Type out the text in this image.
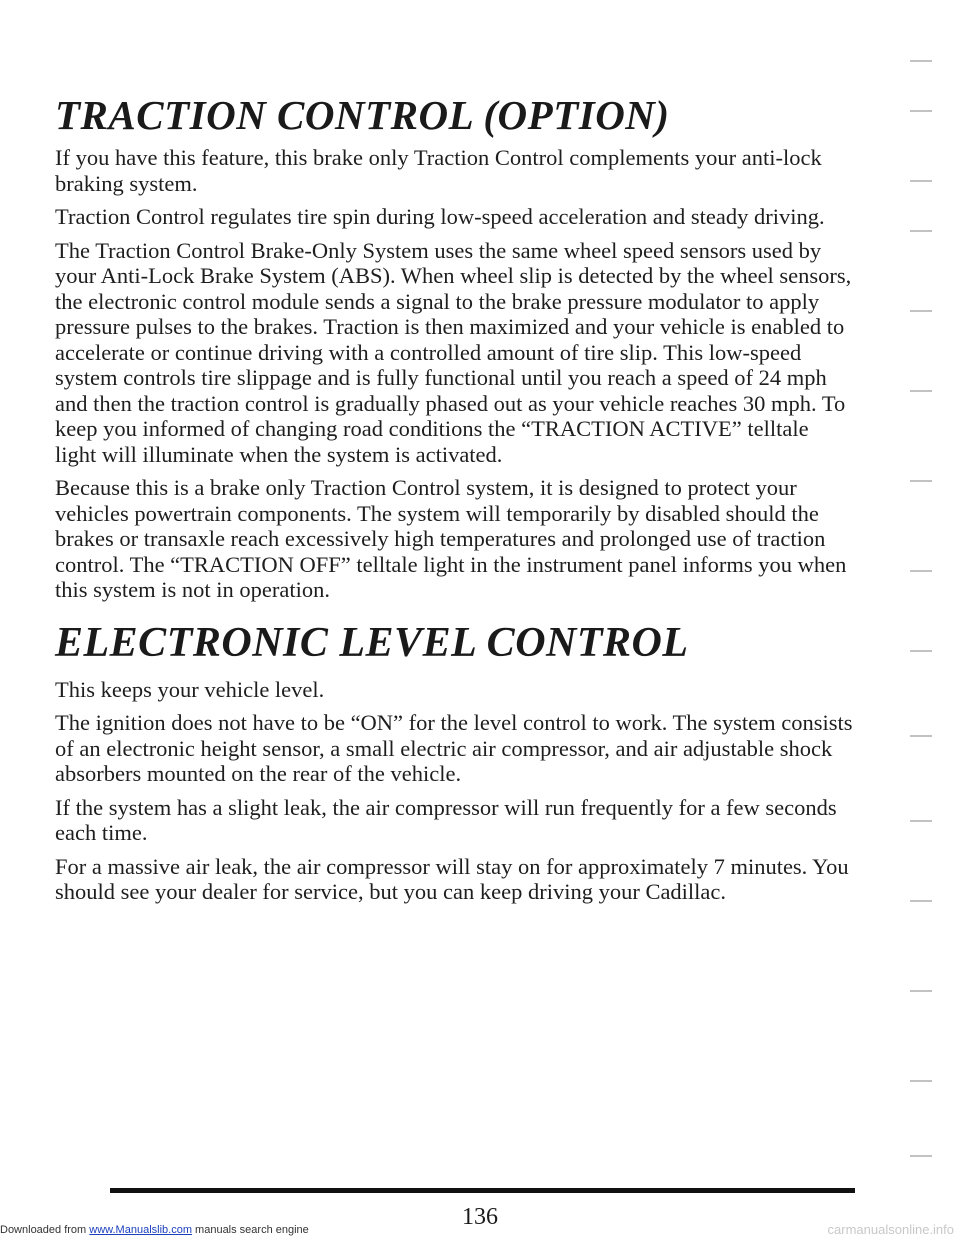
TRACTION CONTROL (OPTION)

If you have this feature, this brake only Traction Control complements your anti-lock braking system.

Traction Control regulates tire spin during low-speed acceleration and steady driving.

The Traction Control Brake-Only System uses the same wheel speed sensors used by your Anti-Lock Brake System (ABS). When wheel slip is detected by the wheel sensors, the electronic control module sends a signal to the brake pressure modulator to apply pressure pulses to the brakes. Traction is then maximized and your vehicle is enabled to accelerate or continue driving with a controlled amount of tire slip. This low-speed system controls tire slippage and is fully functional until you reach a speed of 24 mph and then the traction control is gradually phased out as your vehicle reaches 30 mph. To keep you informed of changing road conditions the “TRACTION ACTIVE” telltale light will illuminate when the system is activated.

Because this is a brake only Traction Control system, it is designed to protect your vehicles powertrain components. The system will temporarily by disabled should the brakes or transaxle reach excessively high temperatures and prolonged use of traction control. The “TRACTION OFF” telltale light in the instrument panel informs you when this system is not in operation.

ELECTRONIC LEVEL CONTROL

This keeps your vehicle level.

The ignition does not have to be “ON” for the level control to work. The system consists of an electronic height sensor, a small electric air compressor, and air adjustable shock absorbers mounted on the rear of the vehicle.

If the system has a slight leak, the air compressor will run frequently for a few seconds each time.

For a massive air leak, the air compressor will stay on for approximately 7 minutes. You should see your dealer for service, but you can keep driving your Cadillac.

136
Downloaded from www.Manualslib.com manuals search engine	carmanualsonline.info
